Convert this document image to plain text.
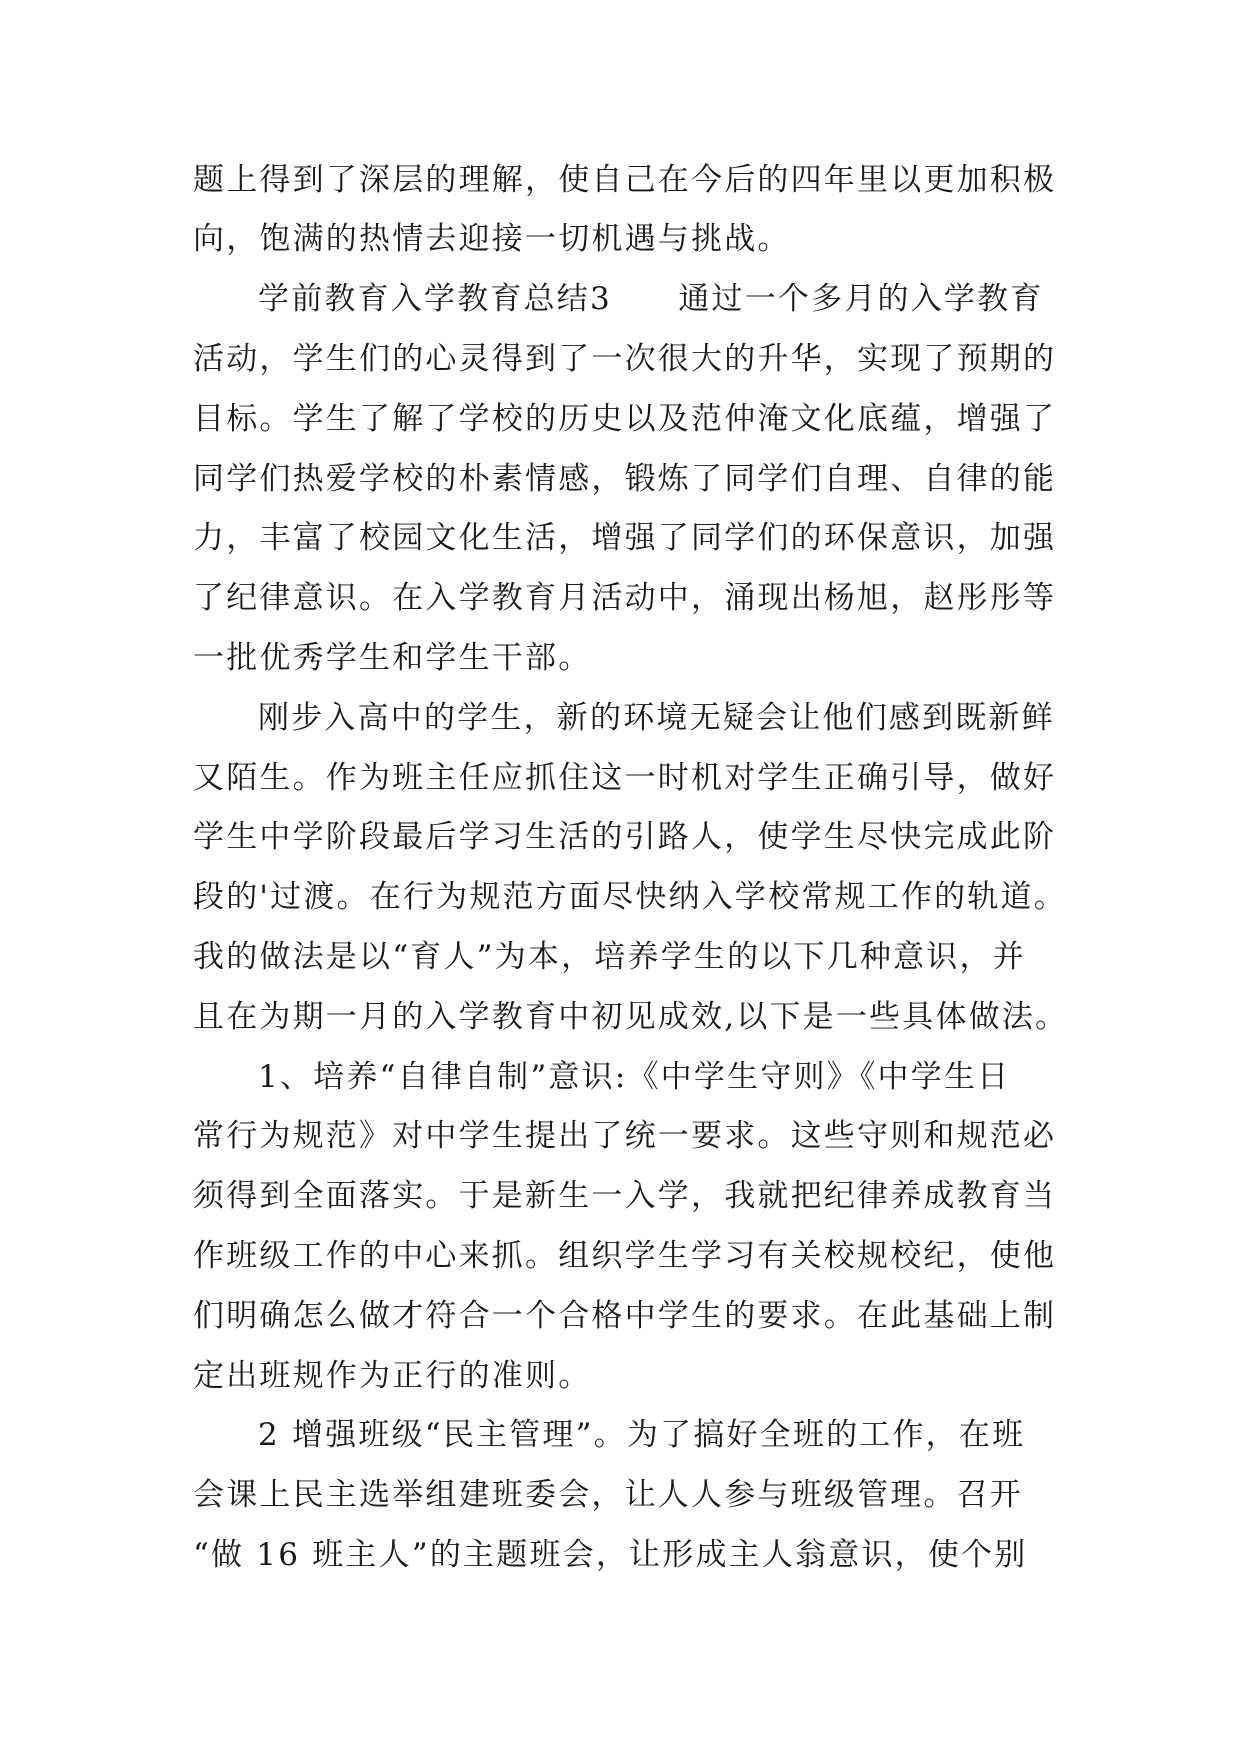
题上得到了深层的理解，使自己在今后的四年里以更加积极
向，饱满的热情去迎接一切机遇与挑战。
学前教育入学教育总结3　　通过一个多月的入学教育
活动，学生们的心灵得到了一次很大的升华，实现了预期的
目标。学生了解了学校的历史以及范仲淹文化底蕴，增强了
同学们热爱学校的朴素情感，锻炼了同学们自理、自律的能
力，丰富了校园文化生活，增强了同学们的环保意识，加强
了纪律意识。在入学教育月活动中，涌现出杨旭，赵彤彤等
一批优秀学生和学生干部。
刚步入高中的学生，新的环境无疑会让他们感到既新鲜
又陌生。作为班主任应抓住这一时机对学生正确引导，做好
学生中学阶段最后学习生活的引路人，使学生尽快完成此阶
段的'过渡。在行为规范方面尽快纳入学校常规工作的轨道。
我的做法是以“育人”为本，培养学生的以下几种意识，并
且在为期一月的入学教育中初见成效,以下是一些具体做法。
1、培养“自律自制”意识:《中学生守则》《中学生日
常行为规范》对中学生提出了统一要求。这些守则和规范必
须得到全面落实。于是新生一入学，我就把纪律养成教育当
作班级工作的中心来抓。组织学生学习有关校规校纪，使他
们明确怎么做才符合一个合格中学生的要求。在此基础上制
定出班规作为正行的准则。
2 增强班级“民主管理”。为了搞好全班的工作，在班
会课上民主选举组建班委会，让人人参与班级管理。召开
“做 16 班主人”的主题班会，让形成主人翁意识，使个别
